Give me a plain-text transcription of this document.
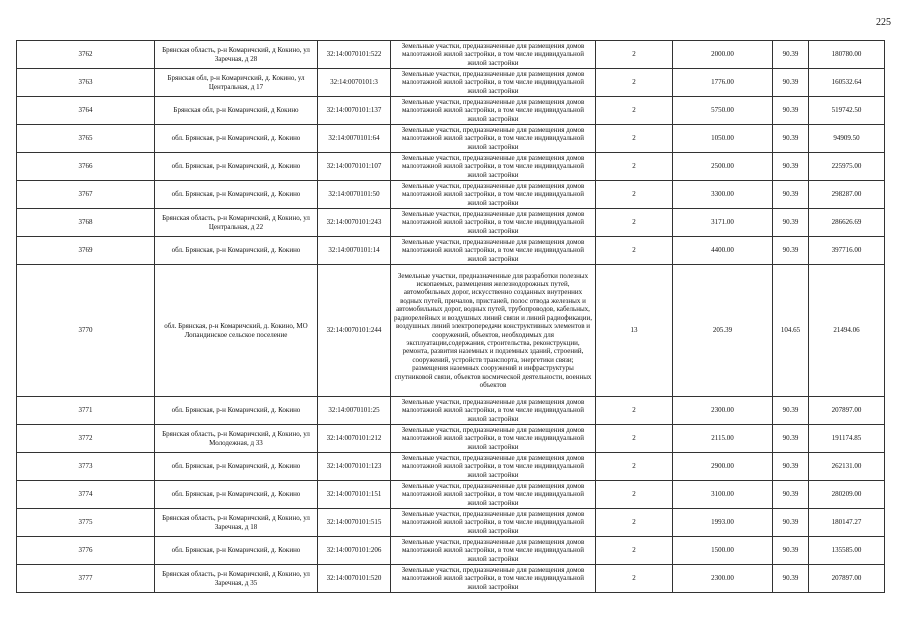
225
3762	Брянская область, р-н Комаричский, д Кокино, ул Заречная, д 28	32:14:0070101:522	Земельные участки, предназначенные для размещения домов малоэтажной жилой застройки, в том числе индивидуальной жилой застройки	2	2000.00	90.39	180780.00
3763	Брянская обл, р-н Комаричский, д. Кокино, ул Центральная, д 17	32:14:0070101:3	Земельные участки, предназначенные для размещения домов малоэтажной жилой застройки, в том числе индивидуальной жилой застройки	2	1776.00	90.39	160532.64
3764	Брянская обл, р-н Комаричский, д Кокино	32:14:0070101:137	Земельные участки, предназначенные для размещения домов малоэтажной жилой застройки, в том числе индивидуальной жилой застройки	2	5750.00	90.39	519742.50
3765	обл. Брянская, р-н Комаричский, д. Кокино	32:14:0070101:64	Земельные участки, предназначенные для размещения домов малоэтажной жилой застройки, в том числе индивидуальной жилой застройки	2	1050.00	90.39	94909.50
3766	обл. Брянская, р-н Комаричский, д. Кокино	32:14:0070101:107	Земельные участки, предназначенные для размещения домов малоэтажной жилой застройки, в том числе индивидуальной жилой застройки	2	2500.00	90.39	225975.00
3767	обл. Брянская, р-н Комаричский, д. Кокино	32:14:0070101:50	Земельные участки, предназначенные для размещения домов малоэтажной жилой застройки, в том числе индивидуальной жилой застройки	2	3300.00	90.39	298287.00
3768	Брянская область, р-н Комаричский, д Кокино, ул Центральная, д 22	32:14:0070101:243	Земельные участки, предназначенные для размещения домов малоэтажной жилой застройки, в том числе индивидуальной жилой застройки	2	3171.00	90.39	286626.69
3769	обл. Брянская, р-н Комаричский, д. Кокино	32:14:0070101:14	Земельные участки, предназначенные для размещения домов малоэтажной жилой застройки, в том числе индивидуальной жилой застройки	2	4400.00	90.39	397716.00
3770	обл. Брянская, р-н Комаричский, д. Кокино, МО Лопандинское сельское поселение	32:14:0070101:244	Земельные участки, предназначенные для разработки полезных ископаемых, размещения железнодорожных путей, автомобильных дорог, искусственно созданных внутренних водных путей, причалов, пристаней, полос отвода железных и автомобильных дорог, водных путей, трубопроводов, кабельных, радиорелейных и воздушных линий связи и линий радиофикации, воздушных линий электропередачи конструктивных элементов и сооружений, объектов, необходимых для эксплуатации,содержания, строительства, реконструкции, ремонта, развития наземных и подземных зданий, строений, сооружений, устройств транспорта, энергетики связи; размещения наземных сооружений и инфраструктуры спутниковой связи, объектов космической деятельности, военных объектов	13	205.39	104.65	21494.06
3771	обл. Брянская, р-н Комаричский, д. Кокино	32:14:0070101:25	Земельные участки, предназначенные для размещения домов малоэтажной жилой застройки, в том числе индивидуальной жилой застройки	2	2300.00	90.39	207897.00
3772	Брянская область, р-н Комаричский, д Кокино, ул Молодежная, д 33	32:14:0070101:212	Земельные участки, предназначенные для размещения домов малоэтажной жилой застройки, в том числе индивидуальной жилой застройки	2	2115.00	90.39	191174.85
3773	обл. Брянская, р-н Комаричский, д. Кокино	32:14:0070101:123	Земельные участки, предназначенные для размещения домов малоэтажной жилой застройки, в том числе индивидуальной жилой застройки	2	2900.00	90.39	262131.00
3774	обл. Брянская, р-н Комаричский, д. Кокино	32:14:0070101:151	Земельные участки, предназначенные для размещения домов малоэтажной жилой застройки, в том числе индивидуальной жилой застройки	2	3100.00	90.39	280209.00
3775	Брянская область, р-н Комаричский, д Кокино, ул Заречная, д 18	32:14:0070101:515	Земельные участки, предназначенные для размещения домов малоэтажной жилой застройки, в том числе индивидуальной жилой застройки	2	1993.00	90.39	180147.27
3776	обл. Брянская, р-н Комаричский, д. Кокино	32:14:0070101:206	Земельные участки, предназначенные для размещения домов малоэтажной жилой застройки, в том числе индивидуальной жилой застройки	2	1500.00	90.39	135585.00
3777	Брянская область, р-н Комаричский, д Кокино, ул Заречная, д 35	32:14:0070101:520	Земельные участки, предназначенные для размещения домов малоэтажной жилой застройки, в том числе индивидуальной жилой застройки	2	2300.00	90.39	207897.00
